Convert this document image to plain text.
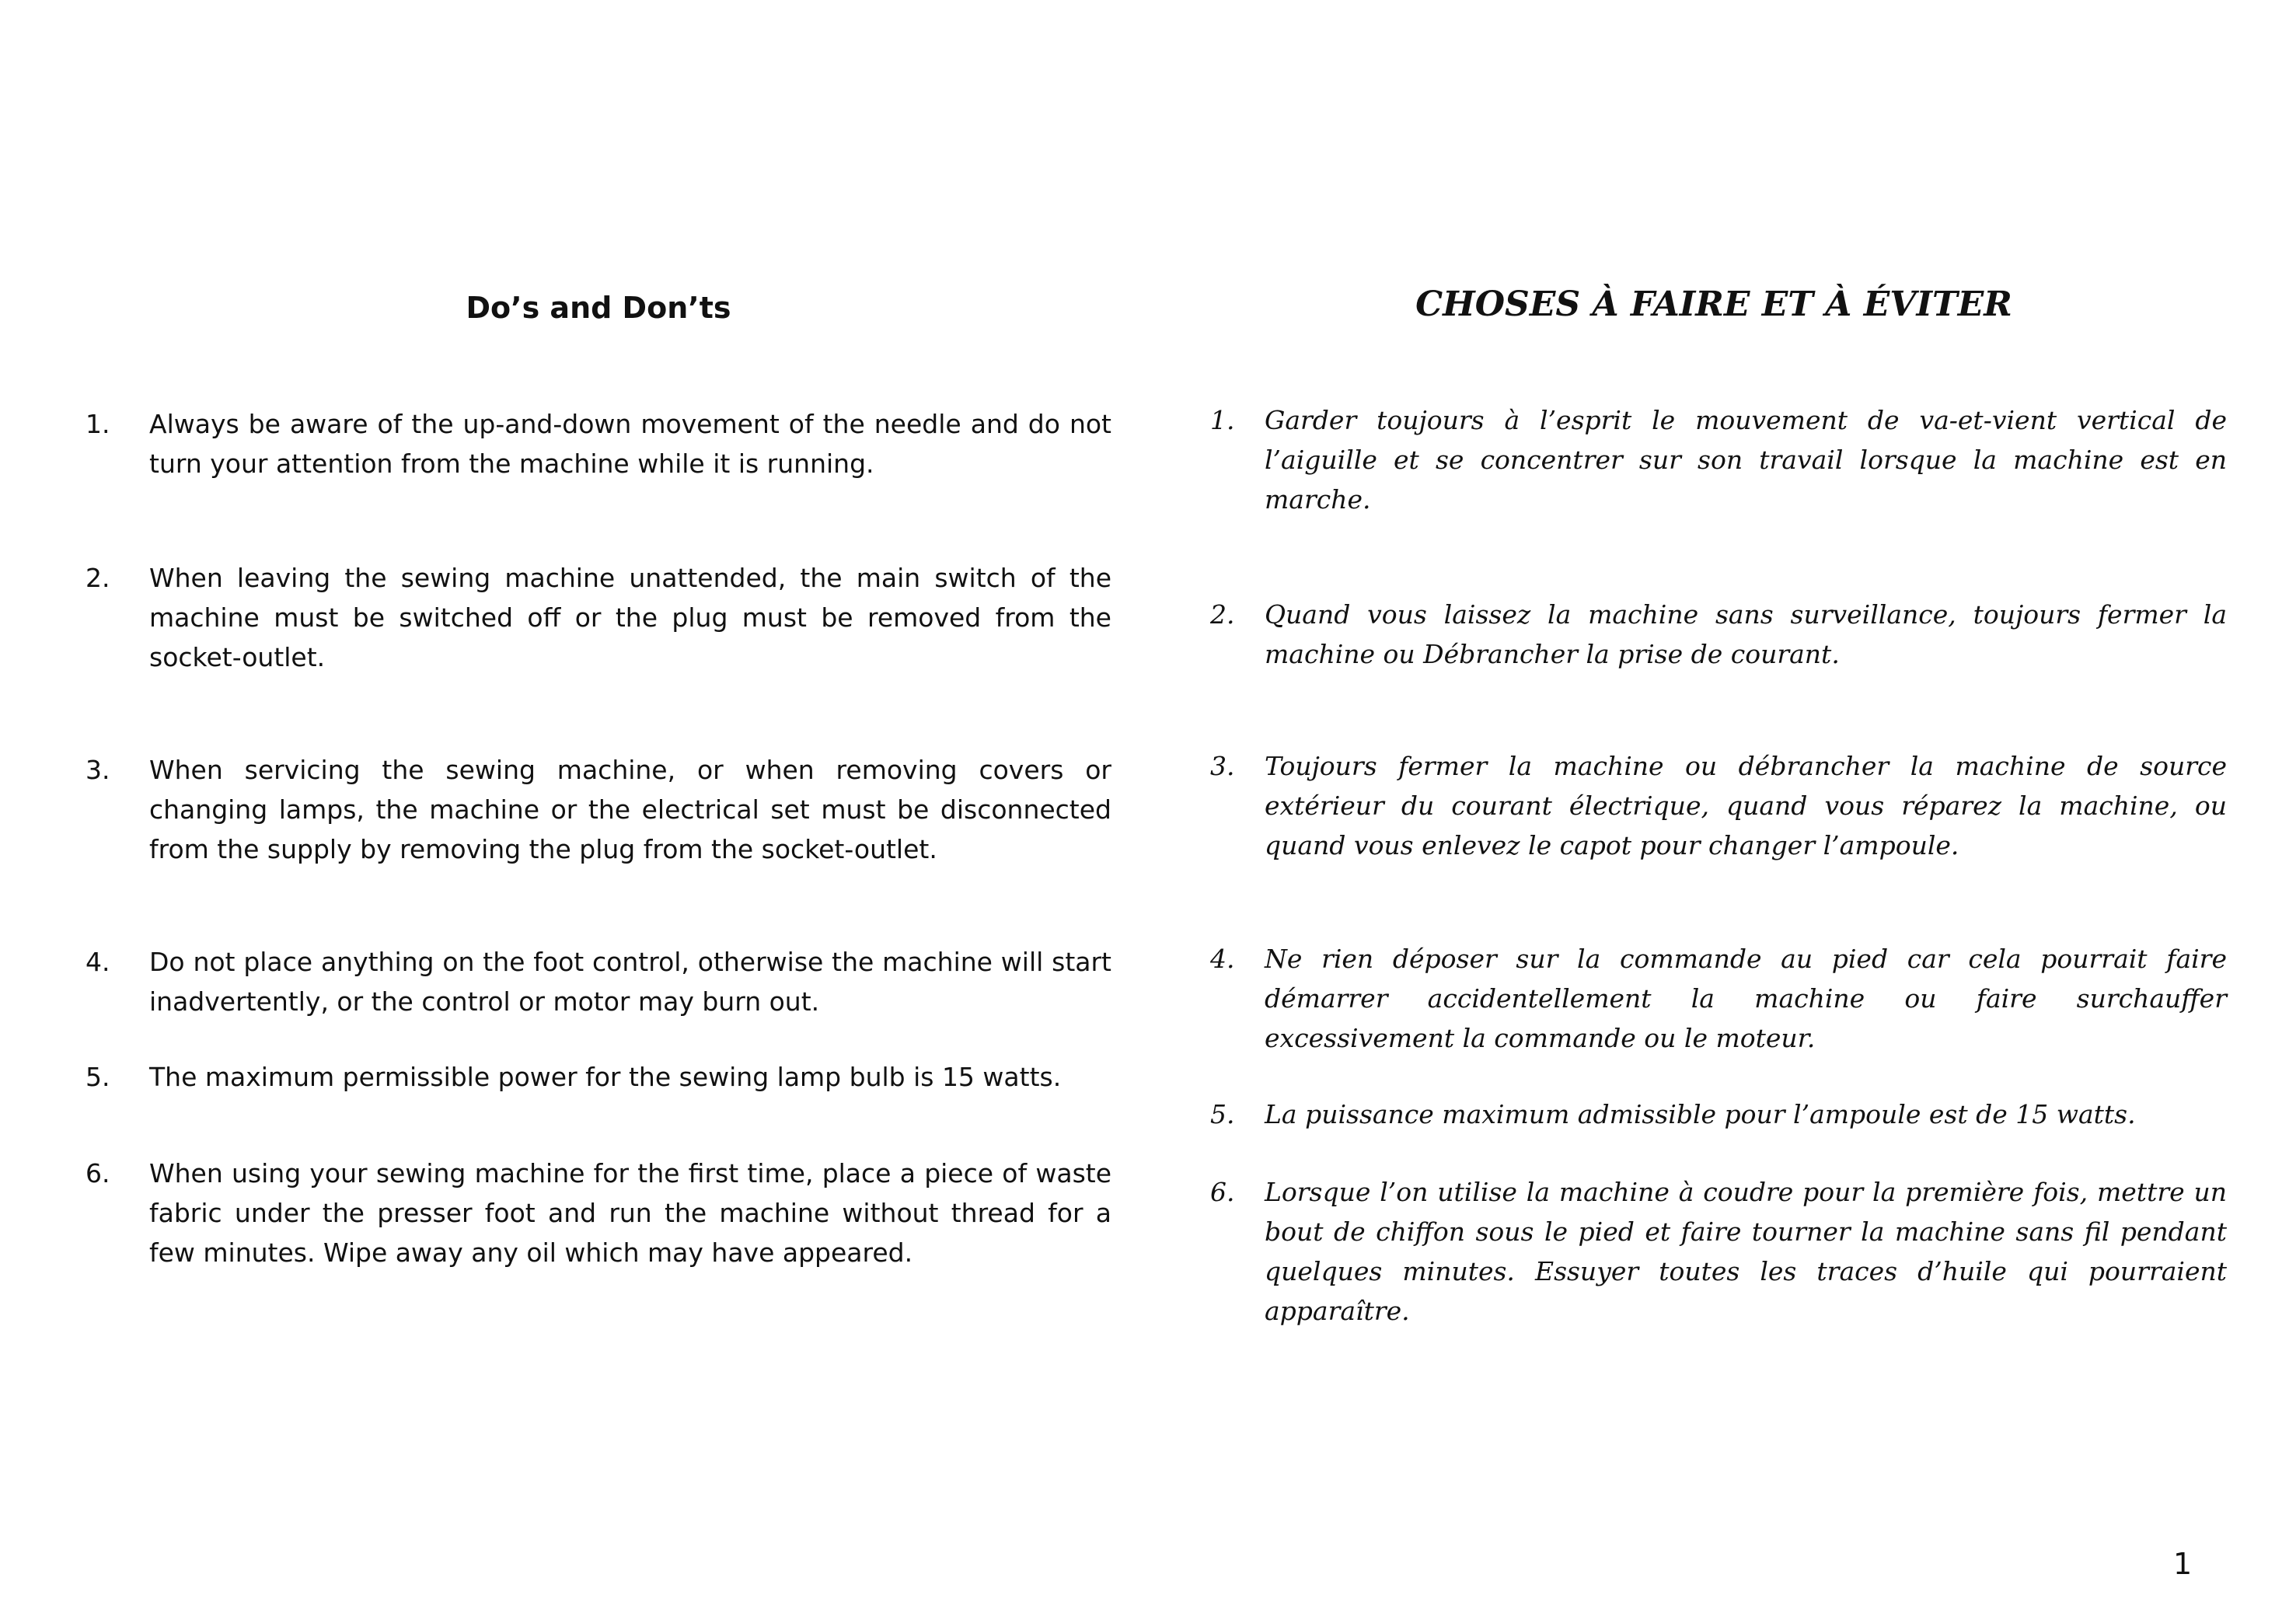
Do’s and Don’ts
1.	Always be aware of the up-and-down movement of the needle and do not turn your attention from the machine while it is running.
2.	When leaving the sewing machine unattended, the main switch of the machine must be switched off or the plug must be removed from the socket-outlet.
3.	When servicing the sewing machine, or when removing covers or changing lamps, the machine or the electrical set must be disconnected from the supply by removing the plug from the socket-outlet.
4.	Do not place anything on the foot control, otherwise the machine will start inadvertently, or the control or motor may burn out.
5.	The maximum permissible power for the sewing lamp bulb is 15 watts.
6.	When using your sewing machine for the first time, place a piece of waste fabric under the presser foot and run the machine without thread for a few minutes. Wipe away any oil which may have appeared.
CHOSES À FAIRE ET À ÉVITER
1.	Garder toujours à l’esprit le mouvement de va-et-vient vertical de l’aiguille et se concentrer sur son travail lorsque la machine est en marche.
2.	Quand vous laissez la machine sans surveillance, toujours fermer la machine ou Débrancher la prise de courant.
3.	Toujours fermer la machine ou débrancher la machine de source extérieur du courant électrique, quand vous réparez la machine, ou quand vous enlevez le capot pour changer l’ampoule.
4.	Ne rien déposer sur la commande au pied car cela pourrait faire démarrer accidentellement la machine ou faire surchauffer excessivement la commande ou le moteur.
5.	La puissance maximum admissible pour l’ampoule est de 15 watts.
6.	Lorsque l’on utilise la machine à coudre pour la première fois, mettre un bout de chiffon sous le pied et faire tourner la machine sans fil pendant quelques minutes. Essuyer toutes les traces d’huile qui pourraient apparaître.
1
